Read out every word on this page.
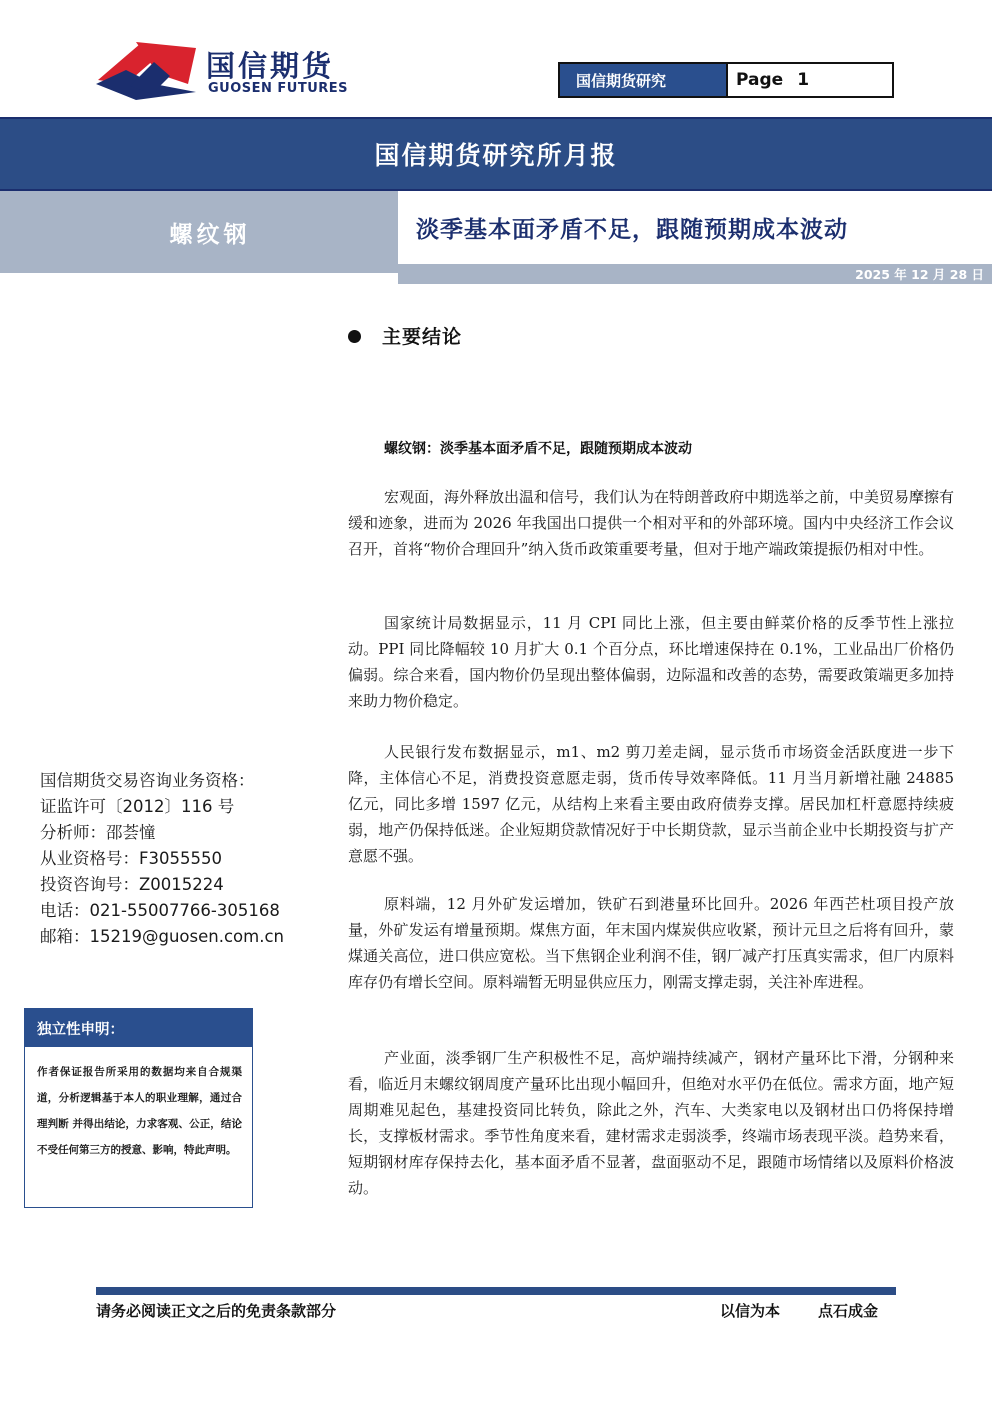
国信期货
GUOSEN FUTURES	国信期货研究	Page 1
国信期货研究所月报
螺纹钢	淡季基本面矛盾不足，跟随预期成本波动
2025 年 12 月 28 日
主要结论
螺纹钢：淡季基本面矛盾不足，跟随预期成本波动

宏观面，海外释放出温和信号，我们认为在特朗普政府中期选举之前，中美贸易摩擦有缓和迹象，进而为 2026 年我国出口提供一个相对平和的外部环境。国内中央经济工作会议召开，首将“物价合理回升”纳入货币政策重要考量，但对于地产端政策提振仍相对中性。

国家统计局数据显示，11 月 CPI 同比上涨，但主要由鲜菜价格的反季节性上涨拉动。PPI 同比降幅较 10 月扩大 0.1 个百分点，环比增速保持在 0.1%，工业品出厂价格仍偏弱。综合来看，国内物价仍呈现出整体偏弱，边际温和改善的态势，需要政策端更多加持来助力物价稳定。

人民银行发布数据显示，m1、m2 剪刀差走阔，显示货币市场资金活跃度进一步下降，主体信心不足，消费投资意愿走弱，货币传导效率降低。11 月当月新增社融 24885 亿元，同比多增 1597 亿元，从结构上来看主要由政府债券支撑。居民加杠杆意愿持续疲弱，地产仍保持低迷。企业短期贷款情况好于中长期贷款，显示当前企业中长期投资与扩产意愿不强。

原料端，12 月外矿发运增加，铁矿石到港量环比回升。2026 年西芒杜项目投产放量，外矿发运有增量预期。煤焦方面，年末国内煤炭供应收紧，预计元旦之后将有回升，蒙煤通关高位，进口供应宽松。当下焦钢企业利润不佳，钢厂减产打压真实需求，但厂内原料库存仍有增长空间。原料端暂无明显供应压力，刚需支撑走弱，关注补库进程。

产业面，淡季钢厂生产积极性不足，高炉端持续减产，钢材产量环比下滑，分钢种来看，临近月末螺纹钢周度产量环比出现小幅回升，但绝对水平仍在低位。需求方面，地产短周期难见起色，基建投资同比转负，除此之外，汽车、大类家电以及钢材出口仍将保持增长，支撑板材需求。季节性角度来看，建材需求走弱淡季，终端市场表现平淡。趋势来看，短期钢材库存保持去化，基本面矛盾不显著，盘面驱动不足，跟随市场情绪以及原料价格波动。

国信期货交易咨询业务资格：
证监许可〔2012〕116 号
分析师：邵荟憧
从业资格号：F3055550
投资咨询号：Z0015224
电话：021-55007766-305168
邮箱：15219@guosen.com.cn
独立性申明：
作者保证报告所采用的数据均来自合规渠道，分析逻辑基于本人的职业理解，通过合理判断 并得出结论，力求客观、公正，结论不受任何第三方的授意、影响，特此声明。
请务必阅读正文之后的免责条款部分	以信为本	点石成金
